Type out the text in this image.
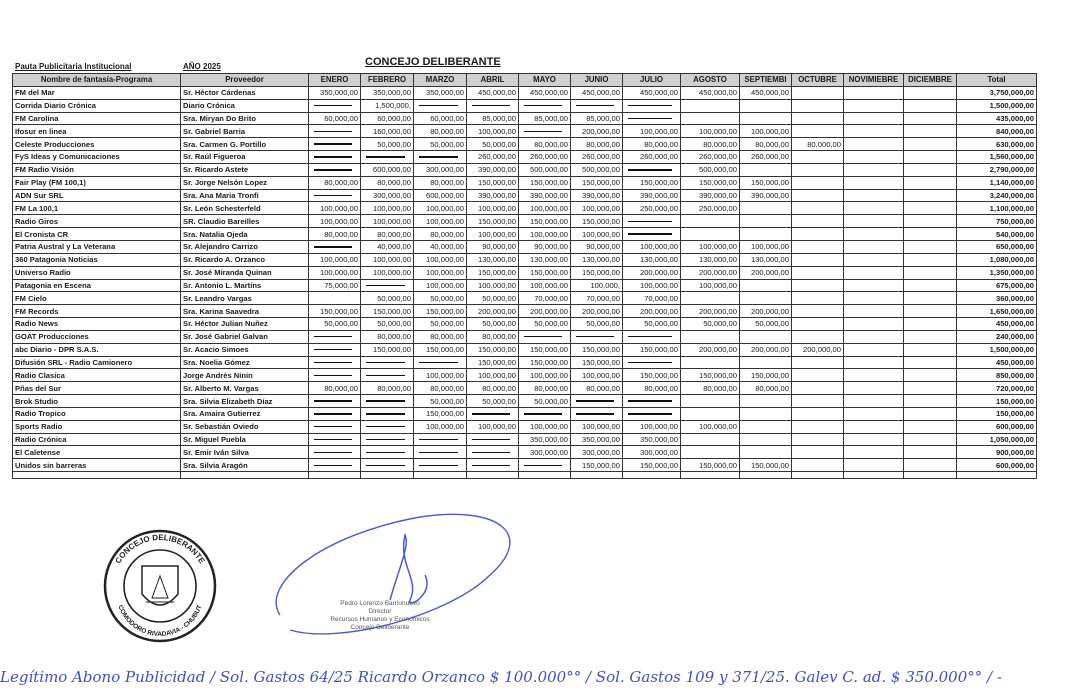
Pauta Publicitaria Institucional	AÑO 2025	CONCEJO DELIBERANTE
Nombre de fantasía-Programa	Proveedor	ENERO	FEBRERO	MARZO	ABRIL	MAYO	JUNIO	JULIO	AGOSTO	SEPTIEMBI	OCTUBRE	NOVIMIEBRE	DICIEMBRE	Total
FM del Mar	Sr. Héctor Cárdenas	350,000,00	350,000,00	350,000,00	450,000,00	450,000,00	450,000,00	450,000,00	450,000,00	450,000,00				3,750,000,00
Corrida Diario Crónica	Diario Crónica		1,500,000,											1,500,000,00
FM Carolina	Sra. Miryan Do Brito	60,000,00	60,000,00	60,000,00	85,000,00	85,000,00	85,000,00							435,000,00
Ifosur en linea	Sr. Gabriel Barria		160,000,00	80,000,00	100,000,00		200,000,00	100,000,00	100,000,00	100,000,00				840,000,00
Celeste Producciones	Sra. Carmen G. Portillo		50,000,00	50,000,00	50,000,00	80,000,00	80,000,00	80,000,00	80,000,00	80,000,00	80,000,00			630,000,00
FyS Ideas y Comunicaciones	Sr. Raúl Figueroa				260,000,00	260,000,00	260,000,00	260,000,00	260,000,00	260,000,00				1,560,000,00
FM Radio Visión	Sr. Ricardo Astete		600,000,00	300,000,00	390,000,00	500,000,00	500,000,00		500,000,00					2,790,000,00
Fair Play (FM 100,1)	Sr. Jorge Nelsón Lopez	80,000,00	80,000,00	80,000,00	150,000,00	150,000,00	150,000,00	150,000,00	150,000,00	150,000,00				1,140,000,00
ADN Sur SRL	Sra. Ana Maria Tronfi		300,000,00	600,000,00	390,000,00	390,000,00	390,000,00	390,000,00	390,000,00	390,000,00				3,240,000,00
FM La 100,1	Sr. León Schesterfeld	100,000,00	100,000,00	100,000,00	100,000,00	100,000,00	100,000,00	250,000,00	250,000,00					1,100,000,00
Radio Giros	SR. Claudio Bareilles	100,000,00	100,000,00	100,000,00	150,000,00	150,000,00	150,000,00							750,000,00
El Cronista CR	Sra. Natalia Ojeda	80,000,00	80,000,00	80,000,00	100,000,00	100,000,00	100,000,00							540,000,00
Patria Austral y La Veterana	Sr. Alejandro Carrizo		40,000,00	40,000,00	90,000,00	90,000,00	90,000,00	100,000,00	100,000,00	100,000,00				650,000,00
360 Patagonia Noticias	Sr. Ricardo A. Orzanco	100,000,00	100,000,00	100,000,00	130,000,00	130,000,00	130,000,00	130,000,00	130,000,00	130,000,00				1,080,000,00
Universo Radio	Sr. José Miranda Quinan	100,000,00	100,000,00	100,000,00	150,000,00	150,000,00	150,000,00	200,000,00	200,000,00	200,000,00				1,350,000,00
Patagonia en Escena	Sr. Antonio L. Martins	75,000,00		100,000,00	100,000,00	100,000,00	100,000,	100,000,00	100,000,00					675,000,00
FM Cielo	Sr. Leandro Vargas		50,000,00	50,000,00	50,000,00	70,000,00	70,000,00	70,000,00						360,000,00
FM Records	Sra. Karina Saavedra	150,000,00	150,000,00	150,000,00	200,000,00	200,000,00	200,000,00	200,000,00	200,000,00	200,000,00				1,650,000,00
Radio News	Sr. Héctor Julian Nuñez	50,000,00	50,000,00	50,000,00	50,000,00	50,000,00	50,000,00	50,000,00	50,000,00	50,000,00				450,000,00
GOAT Producciones	Sr. José Gabriel Galvan		80,000,00	80,000,00	80,000,00									240,000,00
abc Diario - DPR S.A.S.	Sr. Acacio Simoes		150,000,00	150,000,00	150,000,00	150,000,00	150,000,00	150,000,00	200,000,00	200,000,00	200,000,00			1,500,000,00
Difusión SRL - Radio Camionero	Sra. Noelia Gómez				150,000,00	150,000,00	150,000,00							450,000,00
Radio Clasica	Jorge Andrés Ninin			100,000,00	100,000,00	100,000,00	100,000,00	150,000,00	150,000,00	150,000,00				850,000,00
Pñas del Sur	Sr. Alberto M. Vargas	80,000,00	80,000,00	80,000,00	80,000,00	80,000,00	80,000,00	80,000,00	80,000,00	80,000,00				720,000,00
Brok Studio	Sra. Silvia Elizabeth Díaz			50,000,00	50,000,00	50,000,00								150,000,00
Radio Tropico	Sra. Amaira Gutierrez			150,000,00										150,000,00
Sports Radio	Sr. Sebastián Oviedo			100,000,00	100,000,00	100,000,00	100,000,00	100,000,00	100,000,00					600,000,00
Radio Crónica	Sr. Miguel Puebla					350,000,00	350,000,00	350,000,00						1,050,000,00
El Caletense	Sr. Emir Iván Silva					300,000,00	300,000,00	300,000,00						900,000,00
Unidos sin barreras	Sra. Silvia Aragón						150,000,00	150,000,00	150,000,00	150,000,00				600,000,00

CONCEJO DELIBERANTE
COMODORO RIVADAVIA - CHUBUT
Pedro Lorenzo Barrionuevo
Director
Recursos Humanos y Económicos
Concejo Deliberante
Legítimo Abono Publicidad / Sol. Gastos 64/25 Ricardo Orzanco $ 100.000°° / Sol. Gastos 109 y 371/25. Galev C. ad. $ 350.000°° / -
